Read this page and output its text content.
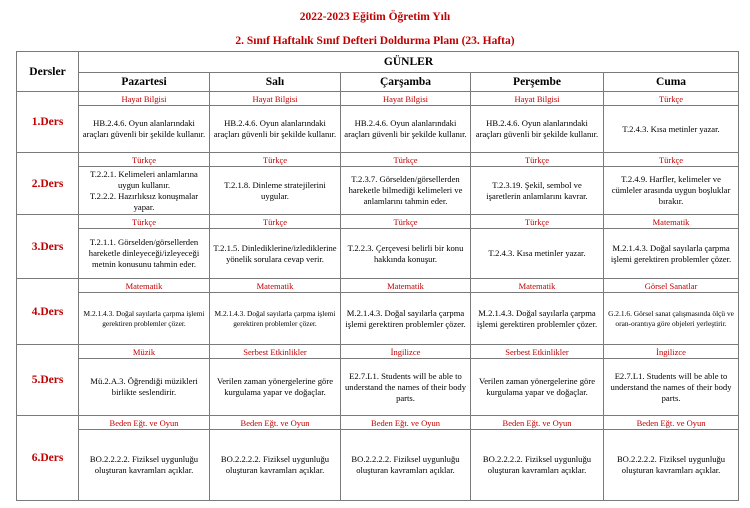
2022-2023 Eğitim Öğretim Yılı
2. Sınıf Haftalık Sınıf Defteri Doldurma Planı (23. Hafta)
Dersler	GÜNLER				
	Pazartesi	Salı	Çarşamba	Perşembe	Cuma
1.Ders	Hayat Bilgisi	Hayat Bilgisi	Hayat Bilgisi	Hayat Bilgisi	Türkçe
	HB.2.4.6. Oyun alanlarındaki araçları güvenli bir şekilde kullanır.	HB.2.4.6. Oyun alanlarındaki araçları güvenli bir şekilde kullanır.	HB.2.4.6. Oyun alanlarındaki araçları güvenli bir şekilde kullanır.	HB.2.4.6. Oyun alanlarındaki araçları güvenli bir şekilde kullanır.	T.2.4.3. Kısa metinler yazar.
2.Ders	Türkçe	Türkçe	Türkçe	Türkçe	Türkçe
	T.2.2.1. Kelimeleri anlamlarına uygun kullanır.
T.2.2.2. Hazırlıksız konuşmalar yapar.	T.2.1.8. Dinleme stratejilerini uygular.	T.2.3.7. Görselden/görsellerden hareketle bilmediği kelimeleri ve anlamlarını tahmin eder.	T.2.3.19. Şekil, sembol ve işaretlerin anlamlarını kavrar.	T.2.4.9. Harfler, kelimeler ve cümleler arasında uygun boşluklar bırakır.
3.Ders	Türkçe	Türkçe	Türkçe	Türkçe	Matematik
	T.2.1.1. Görselden/görsellerden hareketle dinleyeceği/izleyeceği metnin konusunu tahmin eder.	T.2.1.5. Dinlediklerine/izlediklerine yönelik sorulara cevap verir.	T.2.2.3. Çerçevesi belirli bir konu hakkında konuşur.	T.2.4.3. Kısa metinler yazar.	M.2.1.4.3. Doğal sayılarla çarpma işlemi gerektiren problemler çözer.
4.Ders	Matematik	Matematik	Matematik	Matematik	Görsel Sanatlar
	M.2.1.4.3. Doğal sayılarla çarpma işlemi gerektiren problemler çözer.	M.2.1.4.3. Doğal sayılarla çarpma işlemi gerektiren problemler çözer.	M.2.1.4.3. Doğal sayılarla çarpma işlemi gerektiren problemler çözer.	M.2.1.4.3. Doğal sayılarla çarpma işlemi gerektiren problemler çözer.	G.2.1.6. Görsel sanat çalışmasında ölçü ve oran-orantıya göre objeleri yerleştirir.
5.Ders	Müzik	Serbest Etkinlikler	İngilizce	Serbest Etkinlikler	İngilizce
	Mü.2.A.3. Öğrendiği müzikleri birlikte seslendirir.	Verilen zaman yönergelerine göre kurgulama yapar ve doğaçlar.	E2.7.L1. Students will be able to understand the names of their body parts.	Verilen zaman yönergelerine göre kurgulama yapar ve doğaçlar.	E2.7.L1. Students will be able to understand the names of their body parts.
6.Ders	Beden Eğt. ve Oyun	Beden Eğt. ve Oyun	Beden Eğt. ve Oyun	Beden Eğt. ve Oyun	Beden Eğt. ve Oyun
	BO.2.2.2.2. Fiziksel uygunluğu oluşturan kavramları açıklar.	BO.2.2.2.2. Fiziksel uygunluğu oluşturan kavramları açıklar.	BO.2.2.2.2. Fiziksel uygunluğu oluşturan kavramları açıklar.	BO.2.2.2.2. Fiziksel uygunluğu oluşturan kavramları açıklar.	BO.2.2.2.2. Fiziksel uygunluğu oluşturan kavramları açıklar.
